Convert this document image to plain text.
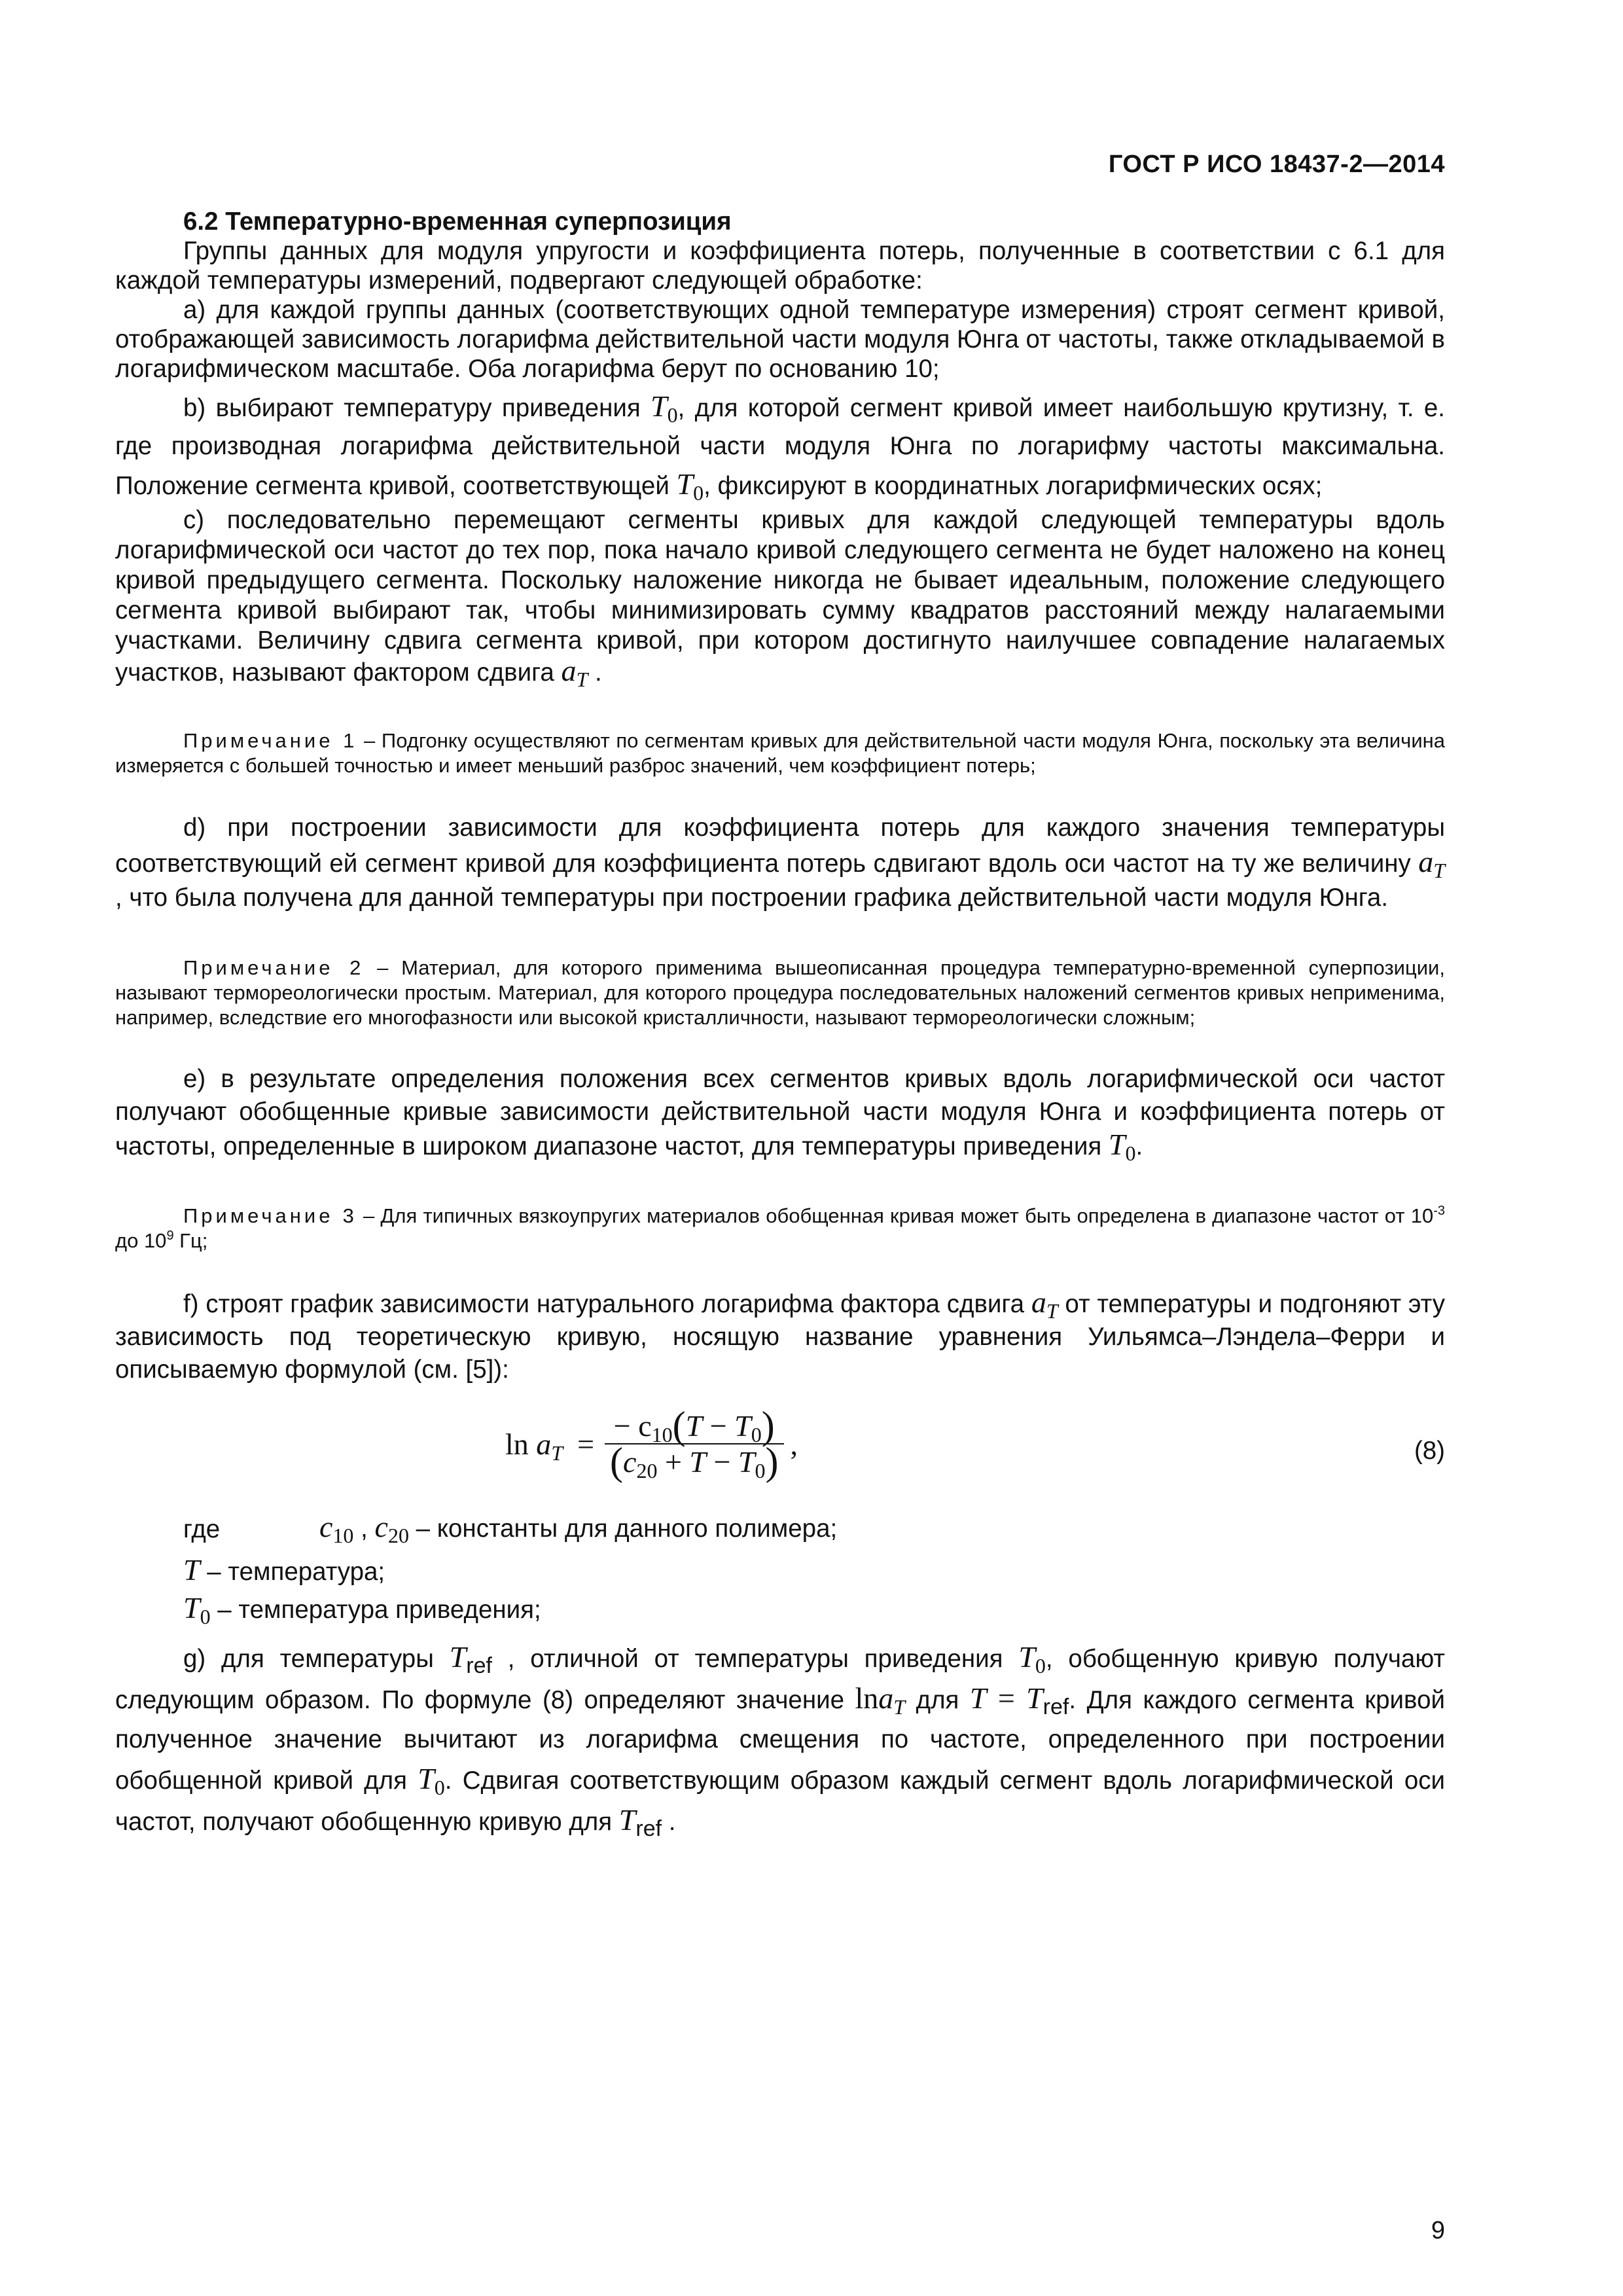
ГОСТ Р ИСО 18437-2—2014

6.2 Температурно-временная суперпозиция

Группы данных для модуля упругости и коэффициента потерь, полученные в соответствии с 6.1 для каждой температуры измерений, подвергают следующей обработке:

а) для каждой группы данных (соответствующих одной температуре измерения) строят сегмент кривой, отображающей зависимость логарифма действительной части модуля Юнга от частоты, также откладываемой в логарифмическом масштабе. Оба логарифма берут по основанию 10;

b) выбирают температуру приведения $T_0$, для которой сегмент кривой имеет наибольшую крутизну, т. е. где производная логарифма действительной части модуля Юнга по логарифму частоты максимальна. Положение сегмента кривой, соответствующей $T_0$, фиксируют в координатных логарифмических осях;

с) последовательно перемещают сегменты кривых для каждой следующей температуры вдоль логарифмической оси частот до тех пор, пока начало кривой следующего сегмента не будет наложено на конец кривой предыдущего сегмента. Поскольку наложение никогда не бывает идеальным, положение следующего сегмента кривой выбирают так, чтобы минимизировать сумму квадратов расстояний между налагаемыми участками. Величину сдвига сегмента кривой, при котором достигнуто наилучшее совпадение налагаемых участков, называют фактором сдвига $a_T$ .

Примечание 1 – Подгонку осуществляют по сегментам кривых для действительной части модуля Юнга, поскольку эта величина измеряется с большей точностью и имеет меньший разброс значений, чем коэффициент потерь;

d) при построении зависимости для коэффициента потерь для каждого значения температуры соответствующий ей сегмент кривой для коэффициента потерь сдвигают вдоль оси частот на ту же величину $a_T$ , что была получена для данной температуры при построении графика действительной части модуля Юнга.

Примечание 2 – Материал, для которого применима вышеописанная процедура температурно-временной суперпозиции, называют термореологически простым. Материал, для которого процедура последовательных наложений сегментов кривых неприменима, например, вследствие его многофазности или высокой кристалличности, называют термореологически сложным;

е) в результате определения положения всех сегментов кривых вдоль логарифмической оси частот получают обобщенные кривые зависимости действительной части модуля Юнга и коэффициента потерь от частоты, определенные в широком диапазоне частот, для температуры приведения $T_0$.

Примечание 3 – Для типичных вязкоупругих материалов обобщенная кривая может быть определена в диапазоне частот от $10^{-3}$ до $10^9$ Гц;

f) строят график зависимости натурального логарифма фактора сдвига $a_T$ от температуры и подгоняют эту зависимость под теоретическую кривую, носящую название уравнения Уильямса–Лэндела–Ферри и описываемую формулой (см. [5]):

ln
$a_T = \frac{- c_{10}(T - T_0)}{(c_{20} + T - T_0)}$ ,	(8)
где	$c_{10}$ , $c_{20}$ – константы для данного полимера;
T – температура;
$T_0$ – температура приведения;

g) для температуры Tref , отличной от температуры приведения $T_0$, обобщенную кривую получают следующим образом. По формуле (8) определяют значение lna$_T$ для T = Tref. Для каждого сегмента кривой полученное значение вычитают из логарифма смещения по частоте, определенного при построении обобщенной кривой для $T_0$. Сдвигая соответствующим образом каждый сегмент вдоль логарифмической оси частот, получают обобщенную кривую для Tref .

9
